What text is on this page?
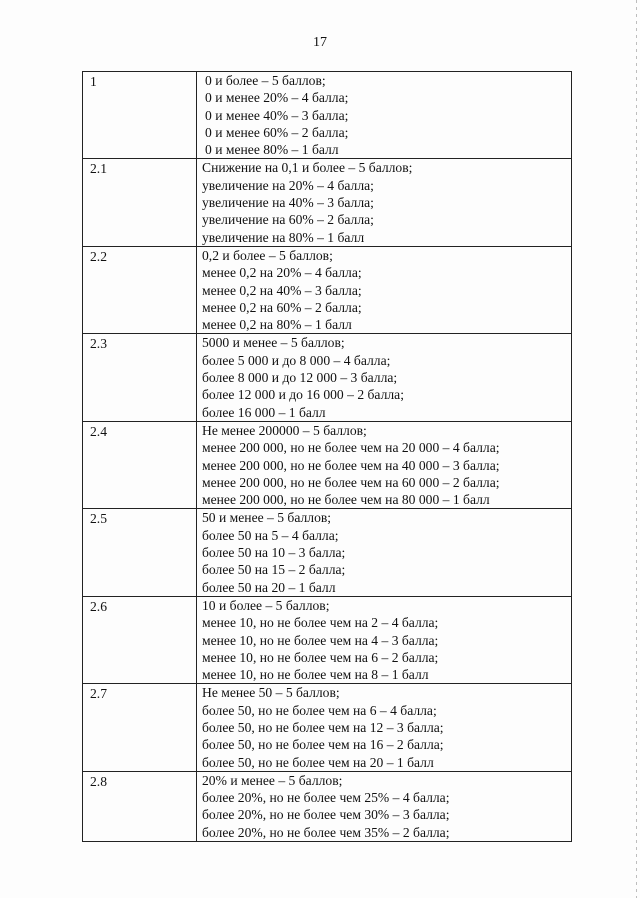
17
1	0 и более – 5 баллов;
0 и менее 20% – 4 балла;
0 и менее 40% – 3 балла;
0 и менее 60% – 2 балла;
0 и менее 80% – 1 балл

2.1	Снижение на 0,1 и более – 5 баллов;
увеличение на 20% – 4 балла;
увеличение на 40% – 3 балла;
увеличение на 60% – 2 балла;
увеличение на 80% – 1 балл

2.2	0,2 и более – 5 баллов;
менее 0,2 на 20% – 4 балла;
менее 0,2 на 40% – 3 балла;
менее 0,2 на 60% – 2 балла;
менее 0,2 на 80% – 1 балл

2.3	5000 и менее – 5 баллов;
более 5 000 и до 8 000 – 4 балла;
более 8 000 и до 12 000 – 3 балла;
более 12 000 и до 16 000 – 2 балла;
более 16 000 – 1 балл

2.4	Не менее 200000 – 5 баллов;
менее 200 000, но не более чем на 20 000 – 4 балла;
менее 200 000, но не более чем на 40 000 – 3 балла;
менее 200 000, но не более чем на 60 000 – 2 балла;
менее 200 000, но не более чем на 80 000 – 1 балл

2.5	50 и менее – 5 баллов;
более 50 на 5 – 4 балла;
более 50 на 10 – 3 балла;
более 50 на 15 – 2 балла;
более 50 на 20 – 1 балл

2.6	10 и более – 5 баллов;
менее 10, но не более чем на 2 – 4 балла;
менее 10, но не более чем на 4 – 3 балла;
менее 10, но не более чем на 6 – 2 балла;
менее 10, но не более чем на 8 – 1 балл

2.7	Не менее 50 – 5 баллов;
более 50, но не более чем на 6 – 4 балла;
более 50, но не более чем на 12 – 3 балла;
более 50, но не более чем на 16 – 2 балла;
более 50, но не более чем на 20 – 1 балл

2.8	20% и менее – 5 баллов;
более 20%, но не более чем 25% – 4 балла;
более 20%, но не более чем 30% – 3 балла;
более 20%, но не более чем 35% – 2 балла;
